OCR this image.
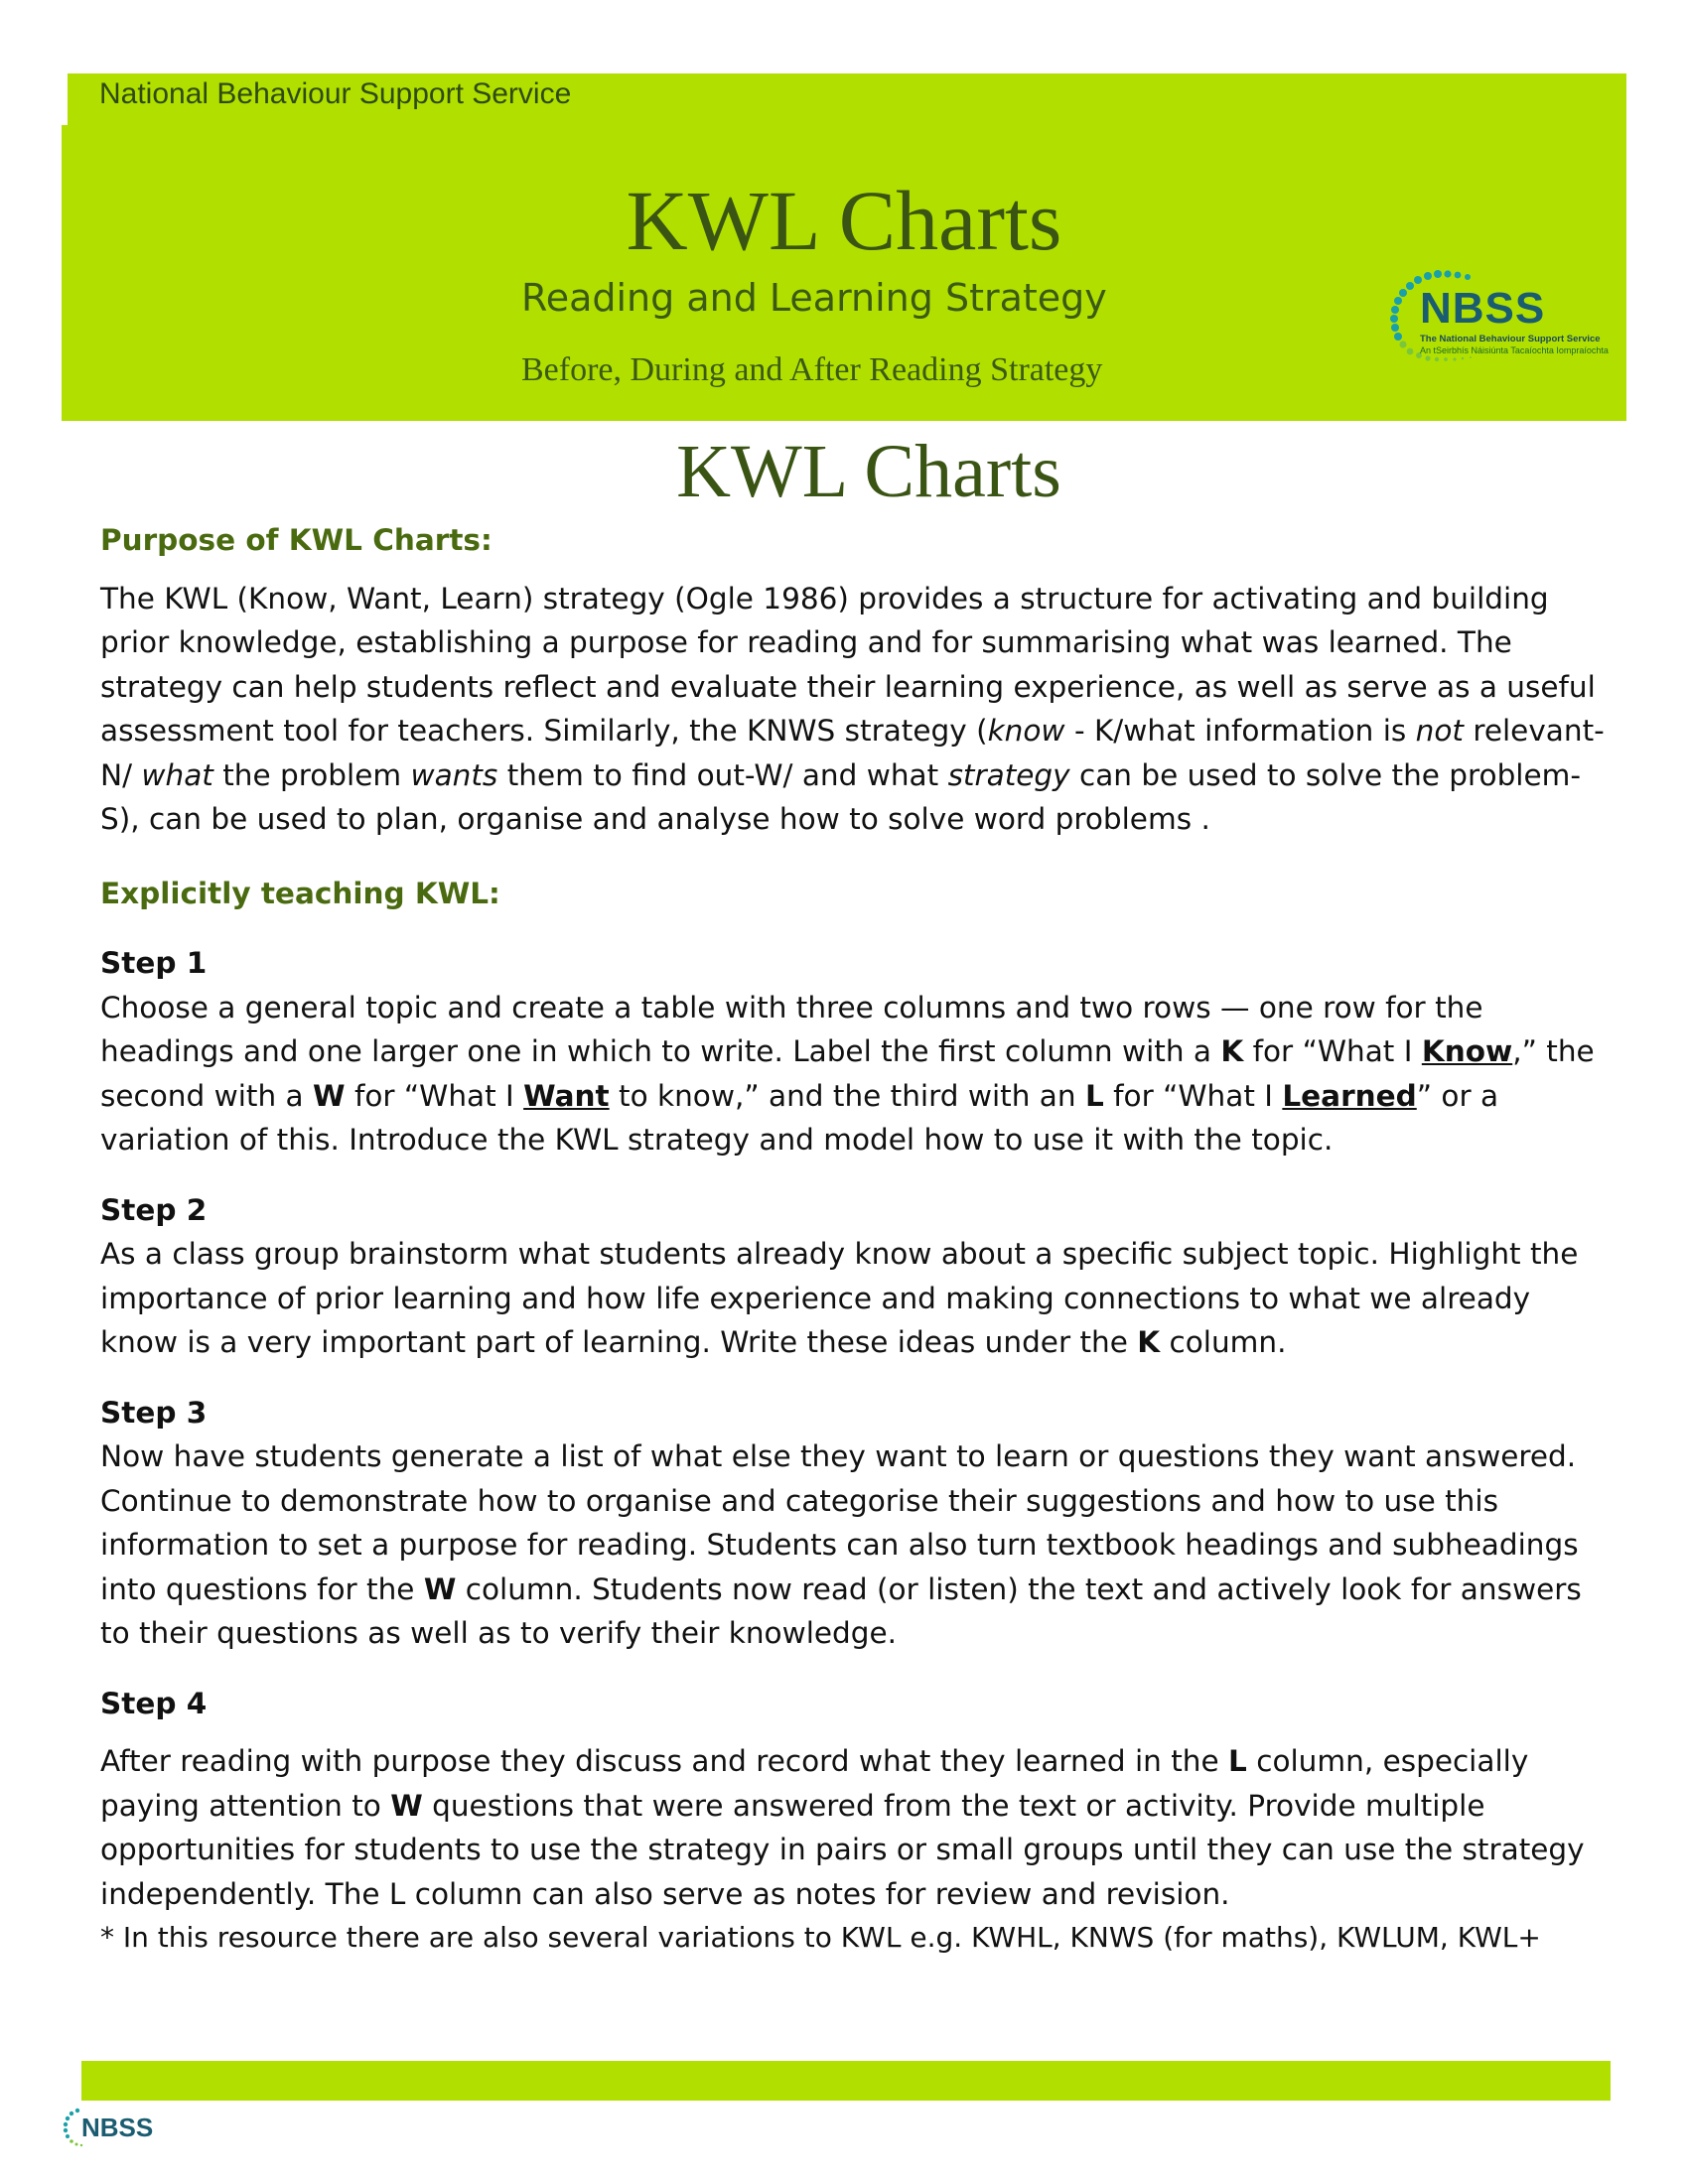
National Behaviour Support Service
KWL Charts
Reading and Learning Strategy
Before, During and After Reading Strategy
NBSS
The National Behaviour Support Service
An tSeirbhís Náisiúnta Tacaíochta Iompraíochta
KWL Charts

Purpose of KWL Charts:

The KWL (Know, Want, Learn) strategy (Ogle 1986) provides a structure for activating and building prior knowledge, establishing a purpose for reading and for summarising what was learned. The strategy can help students reflect and evaluate their learning experience, as well as serve as a useful assessment tool for teachers. Similarly, the KNWS strategy (know - K/what information is not relevant-N/ what the problem wants them to find out-W/ and what strategy can be used to solve the problem-S), can be used to plan, organise and analyse how to solve word problems .

Explicitly teaching KWL:

Step 1

Choose a general topic and create a table with three columns and two rows — one row for the headings and one larger one in which to write. Label the first column with a K for “What I Know,” the second with a W for “What I Want to know,” and the third with an L for “What I Learned” or a variation of this. Introduce the KWL strategy and model how to use it with the topic.

Step 2

As a class group brainstorm what students already know about a specific subject topic. Highlight the importance of prior learning and how life experience and making connections to what we already know is a very important part of learning. Write these ideas under the K column.

Step 3

Now have students generate a list of what else they want to learn or questions they want answered. Continue to demonstrate how to organise and categorise their suggestions and how to use this information to set a purpose for reading. Students can also turn textbook headings and subheadings into questions for the W column. Students now read (or listen) the text and actively look for answers to their questions as well as to verify their knowledge.

Step 4

After reading with purpose they discuss and record what they learned in the L column, especially paying attention to W questions that were answered from the text or activity. Provide multiple opportunities for students to use the strategy in pairs or small groups until they can use the strategy independently. The L column can also serve as notes for review and revision.

* In this resource there are also several variations to KWL e.g. KWHL, KNWS (for maths), KWLUM, KWL+

NBSS
